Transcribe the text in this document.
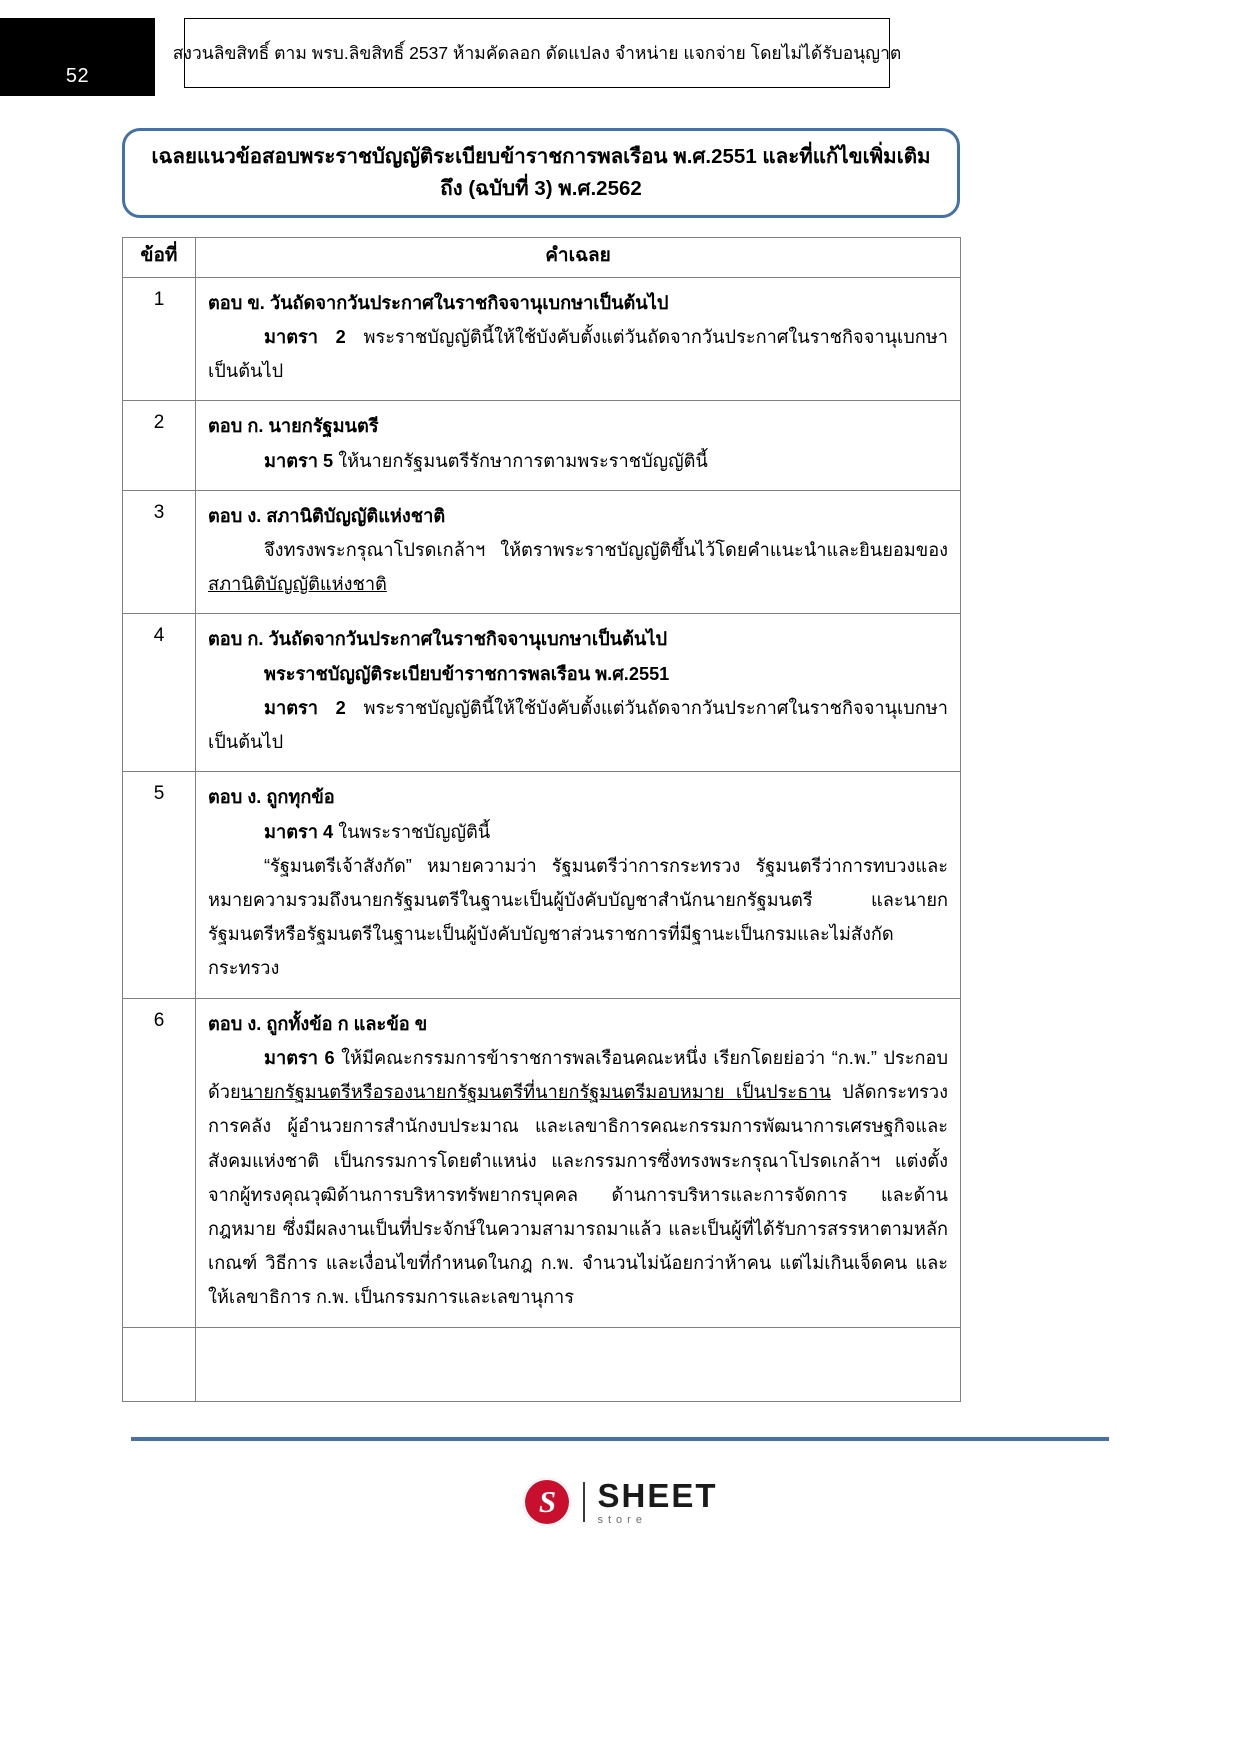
52
สงวนลิขสิทธิ์ ตาม พรบ.ลิขสิทธิ์ 2537 ห้ามคัดลอก ดัดแปลง จำหน่าย แจกจ่าย โดยไม่ได้รับอนุญาต
เฉลยแนวข้อสอบพระราชบัญญัติระเบียบข้าราชการพลเรือน พ.ศ.2551 และที่แก้ไขเพิ่มเติมถึง (ฉบับที่ 3) พ.ศ.2562
ข้อที่	คำเฉลย
1	ตอบ ข. วันถัดจากวันประกาศในราชกิจจานุเบกษาเป็นต้นไป

มาตรา 2 พระราชบัญญัตินี้ให้ใช้บังคับตั้งแต่วันถัดจากวันประกาศในราชกิจจานุเบกษาเป็นต้นไป

2	ตอบ ก. นายกรัฐมนตรี

มาตรา 5 ให้นายกรัฐมนตรีรักษาการตามพระราชบัญญัตินี้

3	ตอบ ง. สภานิติบัญญัติแห่งชาติ

จึงทรงพระกรุณาโปรดเกล้าฯ ให้ตราพระราชบัญญัติขึ้นไว้โดยคำแนะนำและยินยอมของ สภานิติบัญญัติแห่งชาติ

4	ตอบ ก. วันถัดจากวันประกาศในราชกิจจานุเบกษาเป็นต้นไป

พระราชบัญญัติระเบียบข้าราชการพลเรือน พ.ศ.2551

มาตรา 2 พระราชบัญญัตินี้ให้ใช้บังคับตั้งแต่วันถัดจากวันประกาศในราชกิจจานุเบกษาเป็นต้นไป

5	ตอบ ง. ถูกทุกข้อ

มาตรา 4 ในพระราชบัญญัตินี้

“รัฐมนตรีเจ้าสังกัด” หมายความว่า รัฐมนตรีว่าการกระทรวง รัฐมนตรีว่าการทบวงและหมายความรวมถึงนายกรัฐมนตรีในฐานะเป็นผู้บังคับบัญชาสำนักนายกรัฐมนตรี และนายกรัฐมนตรีหรือรัฐมนตรีในฐานะเป็นผู้บังคับบัญชาส่วนราชการที่มีฐานะเป็นกรมและไม่สังกัดกระทรวง

6	ตอบ ง. ถูกทั้งข้อ ก และข้อ ข

มาตรา 6 ให้มีคณะกรรมการข้าราชการพลเรือนคณะหนึ่ง เรียกโดยย่อว่า “ก.พ.” ประกอบด้วยนายกรัฐมนตรีหรือรองนายกรัฐมนตรีที่นายกรัฐมนตรีมอบหมาย เป็นประธาน ปลัดกระทรวงการคลัง ผู้อำนวยการสำนักงบประมาณ และเลขาธิการคณะกรรมการพัฒนาการเศรษฐกิจและสังคมแห่งชาติ เป็นกรรมการโดยตำแหน่ง และกรรมการซึ่งทรงพระกรุณาโปรดเกล้าฯ แต่งตั้งจากผู้ทรงคุณวุฒิด้านการบริหารทรัพยากรบุคคล ด้านการบริหารและการจัดการ และด้านกฎหมาย ซึ่งมีผลงานเป็นที่ประจักษ์ในความสามารถมาแล้ว และเป็นผู้ที่ได้รับการสรรหาตามหลักเกณฑ์ วิธีการ และเงื่อนไขที่กำหนดในกฎ ก.พ. จำนวนไม่น้อยกว่าห้าคน แต่ไม่เกินเจ็ดคน และให้เลขาธิการ ก.พ. เป็นกรรมการและเลขานุการ

S SHEET
store
